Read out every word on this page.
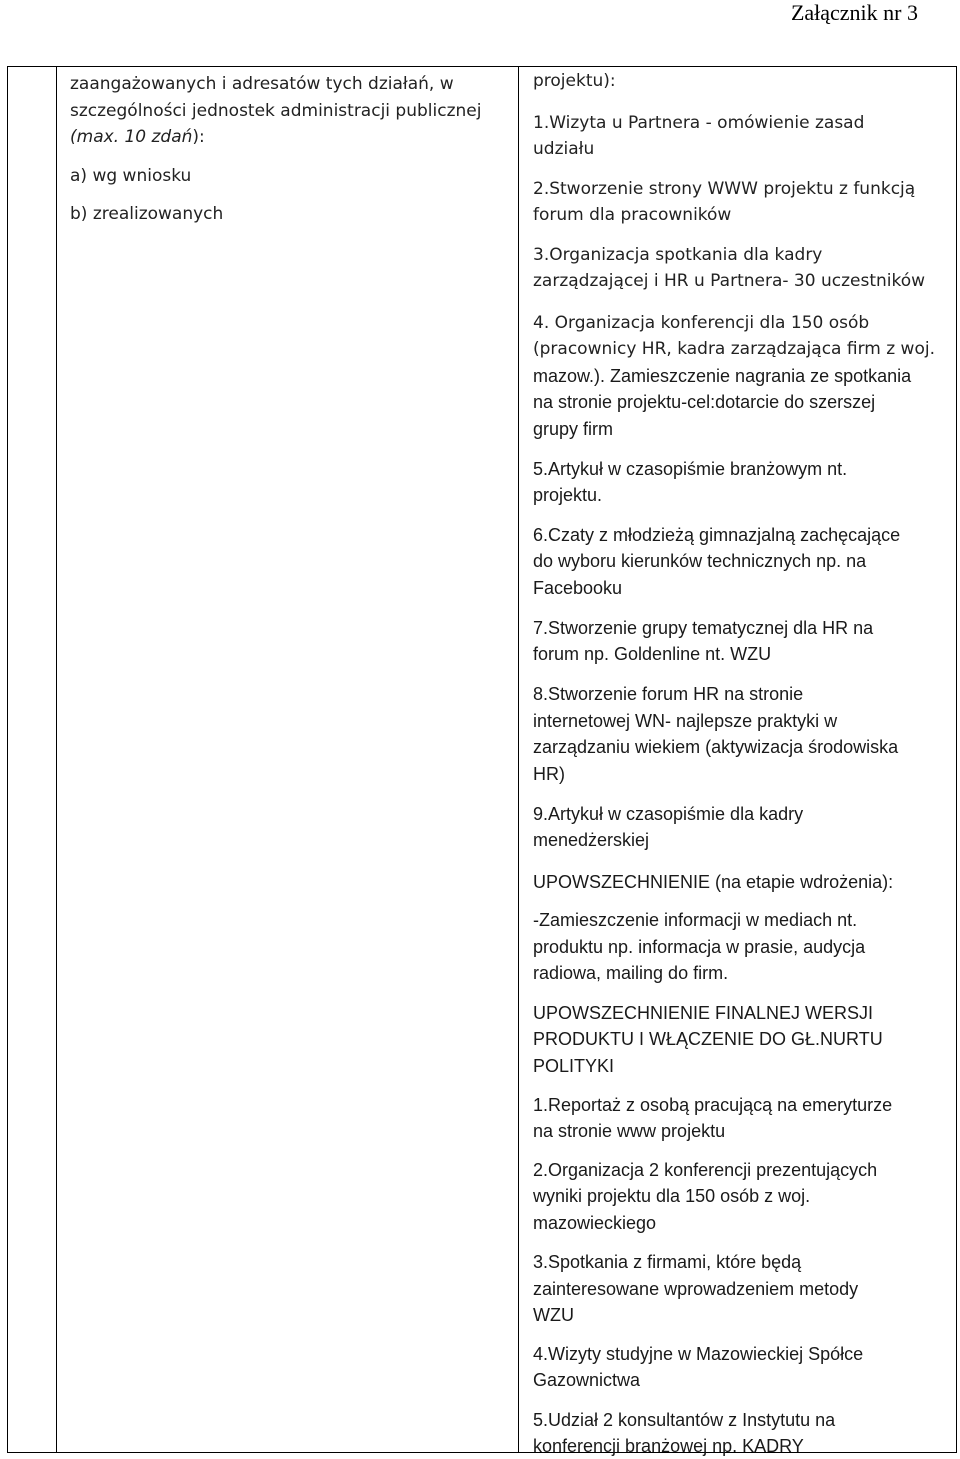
Załącznik nr 3

zaangażowanych i adresatów tych działań, w
szczególności jednostek administracji publicznej
(max. 10 zdań):

a) wg wniosku

b) zrealizowanych

projektu):
1.Wizyta u Partnera - omówienie zasad
udziału
2.Stworzenie strony WWW projektu z funkcją
forum dla pracowników
3.Organizacja spotkania dla kadry
zarządzającej i HR u Partnera- 30 uczestników
4. Organizacja konferencji dla 150 osób
(pracownicy HR, kadra zarządzająca firm z woj.
mazow.). Zamieszczenie nagrania ze spotkania
na stronie projektu-cel:dotarcie do szerszej
grupy firm
5.Artykuł w czasopiśmie branżowym nt.
projektu.
6.Czaty z młodzieżą gimnazjalną zachęcające
do wyboru kierunków technicznych np. na
Facebooku
7.Stworzenie grupy tematycznej dla HR na
forum np. Goldenline nt. WZU
8.Stworzenie forum HR na stronie
internetowej WN- najlepsze praktyki w
zarządzaniu wiekiem (aktywizacja środowiska
HR)
9.Artykuł w czasopiśmie dla kadry
menedżerskiej
UPOWSZECHNIENIE (na etapie wdrożenia):
-Zamieszczenie informacji w mediach nt.
produktu np. informacja w prasie, audycja
radiowa, mailing do firm.
UPOWSZECHNIENIE FINALNEJ WERSJI
PRODUKTU I WŁĄCZENIE DO GŁ.NURTU
POLITYKI
1.Reportaż z osobą pracującą na emeryturze
na stronie www projektu
2.Organizacja 2 konferencji prezentujących
wyniki projektu dla 150 osób z woj.
mazowieckiego
3.Spotkania z firmami, które będą
zainteresowane wprowadzeniem metody
WZU
4.Wizyty studyjne w Mazowieckiej Spółce
Gazownictwa
5.Udział 2 konsultantów z Instytutu na
konferencji branżowej np. KADRY
